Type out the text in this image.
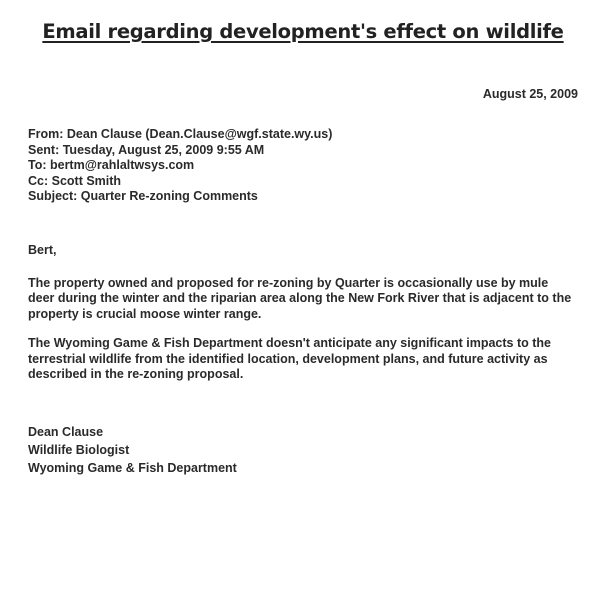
Email regarding development's effect on wildlife
August 25, 2009
From: Dean Clause (Dean.Clause@wgf.state.wy.us)
Sent: Tuesday, August 25, 2009 9:55 AM
To: bertm@rahlaltwsys.com
Cc: Scott Smith
Subject: Quarter Re-zoning Comments
Bert,
The property owned and proposed for re-zoning by Quarter is occasionally use by mule deer during the winter and the riparian area along the New Fork River that is adjacent to the property is crucial moose winter range.
The Wyoming Game & Fish Department doesn't anticipate any significant impacts to the terrestrial wildlife from the identified location, development plans, and future activity as described in the re-zoning proposal.
Dean Clause
Wildlife Biologist
Wyoming Game & Fish Department
